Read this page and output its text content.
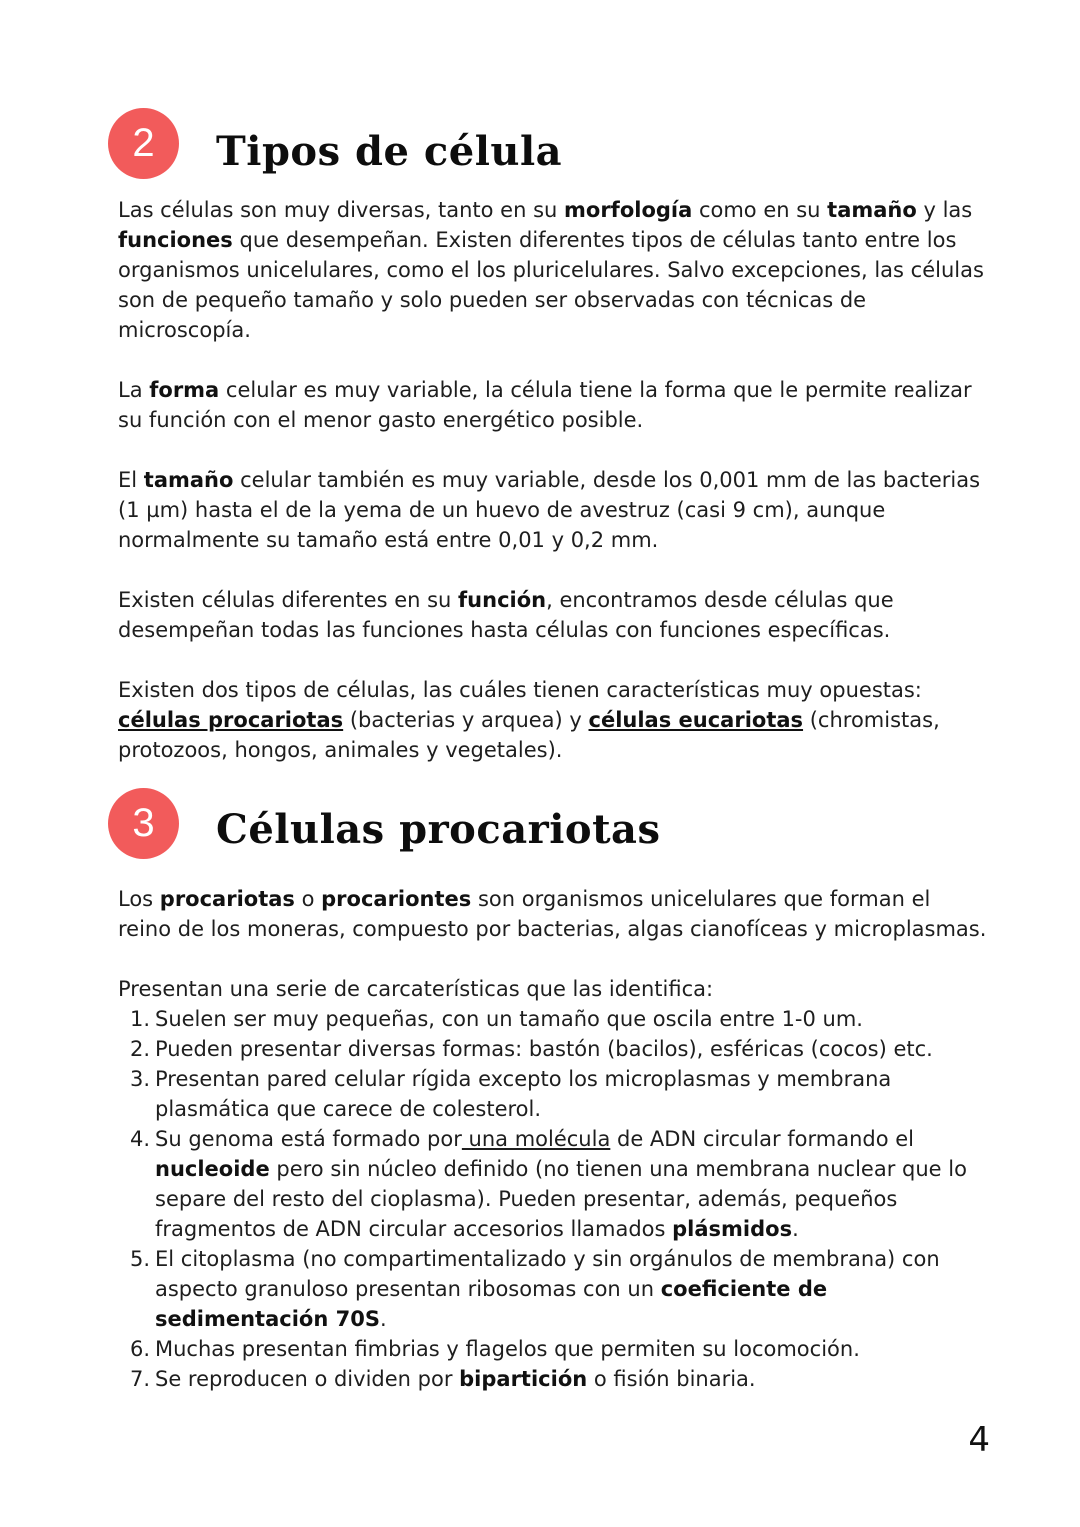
2	Tipos de célula

Las células son muy diversas, tanto en su morfología como en su tamaño y las funciones que desempeñan. Existen diferentes tipos de células tanto entre los organismos unicelulares, como el los pluricelulares. Salvo excepciones, las células son de pequeño tamaño y solo pueden ser observadas con técnicas de microscopía.

La forma celular es muy variable, la célula tiene la forma que le permite realizar su función con el menor gasto energético posible.

El tamaño celular también es muy variable, desde los 0,001 mm de las bacterias (1 µm) hasta el de la yema de un huevo de avestruz (casi 9 cm), aunque normalmente su tamaño está entre 0,01 y 0,2 mm.

Existen células diferentes en su función, encontramos desde células que desempeñan todas las funciones hasta células con funciones específicas.

Existen dos tipos de células, las cuáles tienen características muy opuestas: células procariotas (bacterias y arquea) y células eucariotas (chromistas, protozoos, hongos, animales y vegetales).

3	Células procariotas

Los procariotas o procariontes son organismos unicelulares que forman el reino de los moneras, compuesto por bacterias, algas cianofíceas y microplasmas.

Presentan una serie de carcaterísticas que las identifica:

1. Suelen ser muy pequeñas, con un tamaño que oscila entre 1-0 um.
2. Pueden presentar diversas formas: bastón (bacilos), esféricas (cocos) etc.
3. Presentan pared celular rígida excepto los microplasmas y membrana plasmática que carece de colesterol.
4. Su genoma está formado por una molécula de ADN circular formando el nucleoide pero sin núcleo definido (no tienen una membrana nuclear que lo separe del resto del cioplasma). Pueden presentar, además, pequeños fragmentos de ADN circular accesorios llamados plásmidos.
5. El citoplasma (no compartimentalizado y sin orgánulos de membrana) con aspecto granuloso presentan ribosomas con un coeficiente de sedimentación 70S.
6. Muchas presentan fimbrias y flagelos que permiten su locomoción.
7. Se reproducen o dividen por bipartición o fisión binaria.
4
